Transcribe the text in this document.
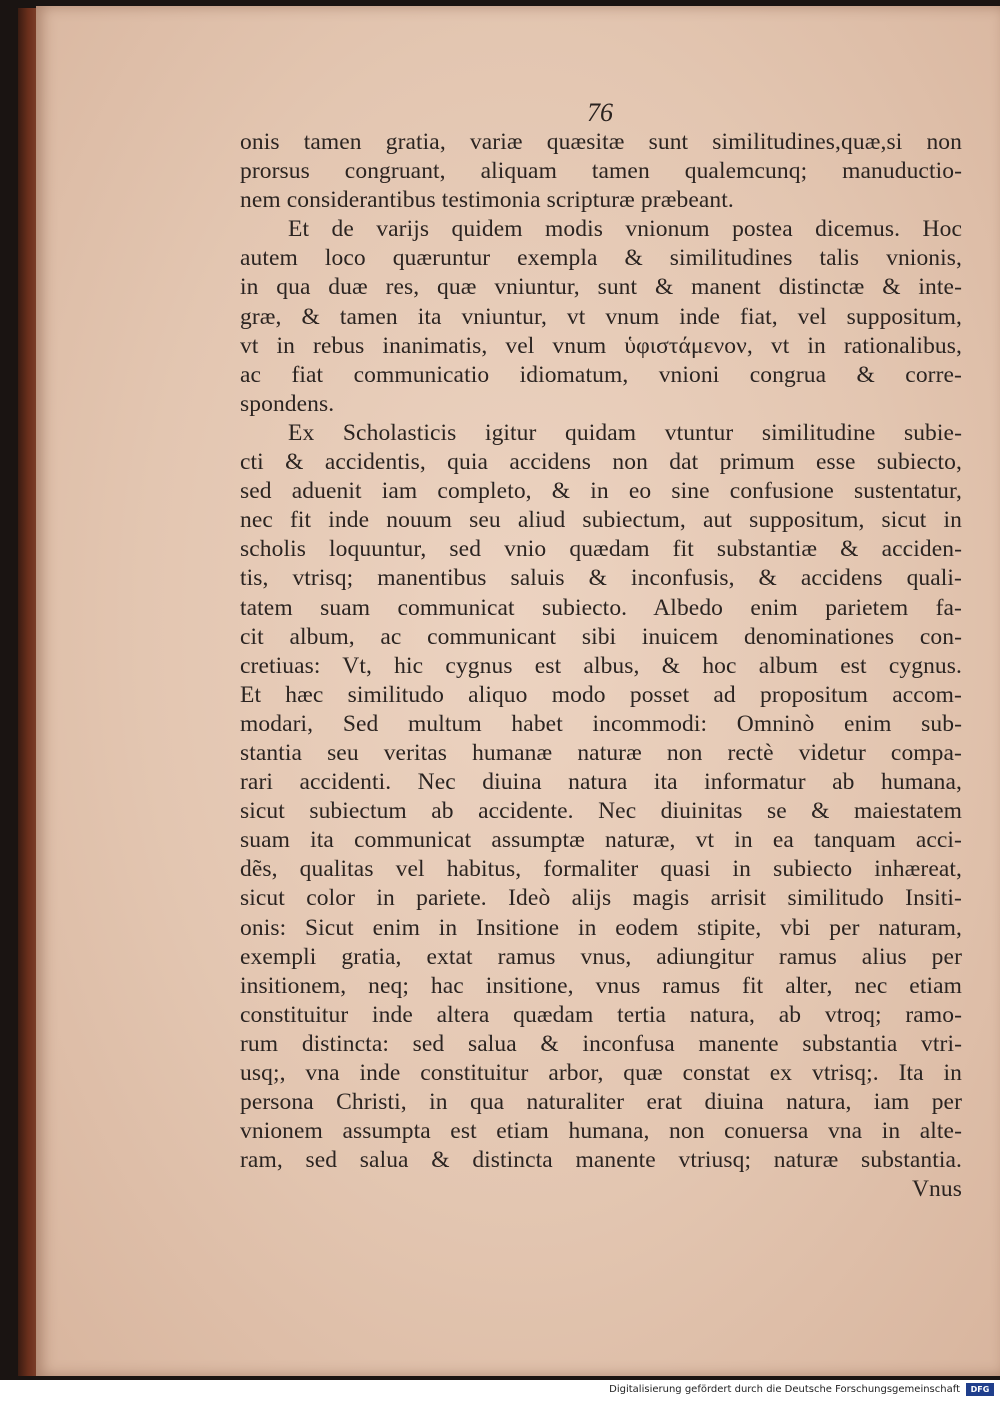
76
onis tamen gratia, variæ quæsitæ sunt similitudines,quæ,si non
prorsus congruant, aliquam tamen qualemcunq; manuductio-
nem considerantibus testimonia scripturæ præbeant.
Et de varijs quidem modis vnionum postea dicemus. Hoc
autem loco quæruntur exempla & similitudines talis vnionis,
in qua duæ res, quæ vniuntur, sunt & manent distinctæ & inte-
græ, & tamen ita vniuntur, vt vnum inde fiat, vel suppositum,
vt in rebus inanimatis, vel vnum ὑφιστάμενον, vt in rationalibus,
ac fiat communicatio idiomatum, vnioni congrua & corre-
spondens.
Ex Scholasticis igitur quidam vtuntur similitudine subie-
cti & accidentis, quia accidens non dat primum esse subiecto,
sed aduenit iam completo, & in eo sine confusione sustentatur,
nec fit inde nouum seu aliud subiectum, aut suppositum, sicut in
scholis loquuntur, sed vnio quædam fit substantiæ & acciden-
tis, vtrisq; manentibus saluis & inconfusis, & accidens quali-
tatem suam communicat subiecto. Albedo enim parietem fa-
cit album, ac communicant sibi inuicem denominationes con-
cretiuas: Vt, hic cygnus est albus, & hoc album est cygnus.
Et hæc similitudo aliquo modo posset ad propositum accom-
modari, Sed multum habet incommodi: Omninò enim sub-
stantia seu veritas humanæ naturæ non rectè videtur compa-
rari accidenti. Nec diuina natura ita informatur ab humana,
sicut subiectum ab accidente. Nec diuinitas se & maiestatem
suam ita communicat assumptæ naturæ, vt in ea tanquam acci-
dẽs, qualitas vel habitus, formaliter quasi in subiecto inhæreat,
sicut color in pariete. Ideò alijs magis arrisit similitudo Insiti-
onis: Sicut enim in Insitione in eodem stipite, vbi per naturam,
exempli gratia, extat ramus vnus, adiungitur ramus alius per
insitionem, neq; hac insitione, vnus ramus fit alter, nec etiam
constituitur inde altera quædam tertia natura, ab vtroq; ramo-
rum distincta: sed salua & inconfusa manente substantia vtri-
usq;, vna inde constituitur arbor, quæ constat ex vtrisq;. Ita in
persona Christi, in qua naturaliter erat diuina natura, iam per
vnionem assumpta est etiam humana, non conuersa vna in alte-
ram, sed salua & distincta manente vtriusq; naturæ substantia.
Vnus
Digitalisierung gefördert durch die Deutsche Forschungsgemeinschaft	DFG
